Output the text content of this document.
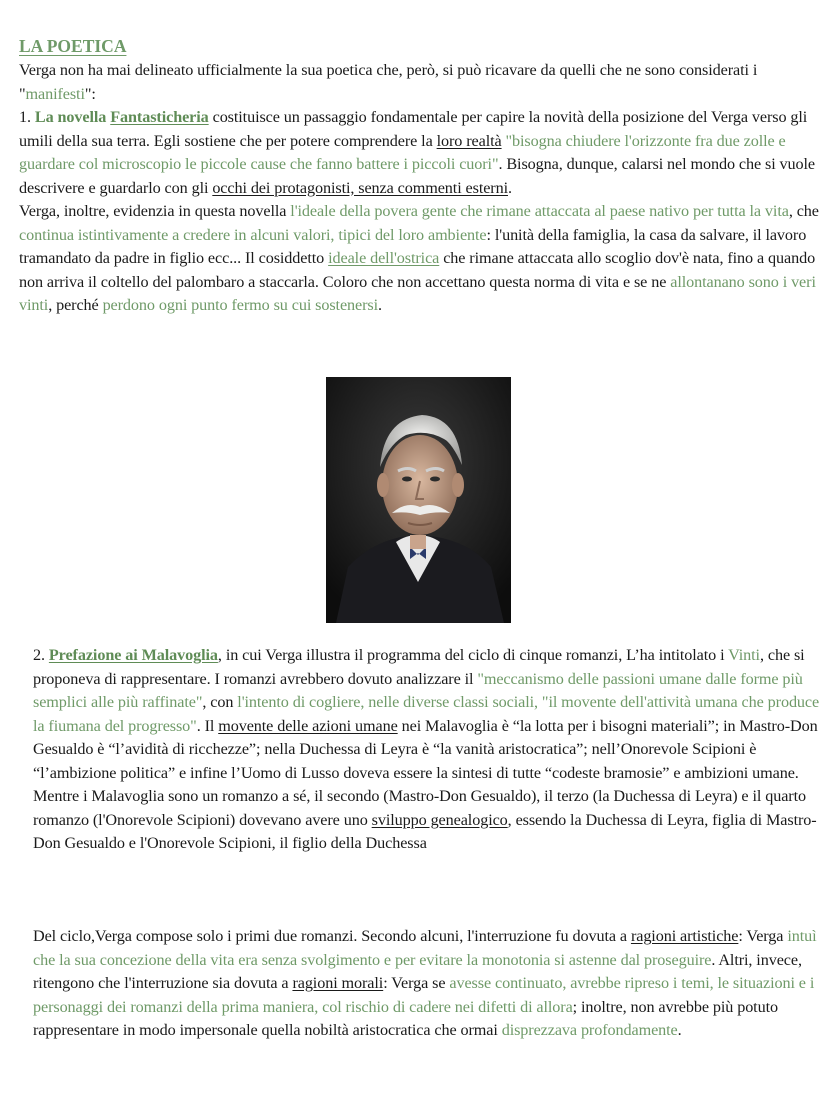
LA POETICA
Verga non ha mai delineato ufficialmente la sua poetica che, però, si può ricavare da quelli che ne sono considerati i "manifesti":
1. La novella Fantasticheria costituisce un passaggio fondamentale per capire la novità della posizione del Verga verso gli umili della sua terra. Egli sostiene che per potere comprendere la loro realtà "bisogna chiudere l'orizzonte fra due zolle e guardare col microscopio le piccole cause che fanno battere i piccoli cuori". Bisogna, dunque, calarsi nel mondo che si vuole descrivere e guardarlo con gli occhi dei protagonisti, senza commenti esterni.
Verga, inoltre, evidenzia in questa novella l'ideale della povera gente che rimane attaccata al paese nativo per tutta la vita, che continua istintivamente a credere in alcuni valori, tipici del loro ambiente: l'unità della famiglia, la casa da salvare, il lavoro tramandato da padre in figlio ecc... Il cosiddetto ideale dell'ostrica che rimane attaccata allo scoglio dov'è nata, fino a quando non arriva il coltello del palombaro a staccarla. Coloro che non accettano questa norma di vita e se ne allontanano sono i veri vinti, perché perdono ogni punto fermo su cui sostenersi.
2. Prefazione ai Malavoglia, in cui Verga illustra il programma del ciclo di cinque romanzi, L’ha intitolato i Vinti, che si proponeva di rappresentare. I romanzi avrebbero dovuto analizzare il "meccanismo delle passioni umane dalle forme più semplici alle più raffinate", con l'intento di cogliere, nelle diverse classi sociali, "il movente dell'attività umana che produce la fiumana del progresso". Il movente delle azioni umane nei Malavoglia è “la lotta per i bisogni materiali”; in Mastro-Don Gesualdo è “l’avidità di ricchezze”; nella Duchessa di Leyra è “la vanità aristocratica”; nell’Onorevole Scipioni è “l’ambizione politica” e infine l’Uomo di Lusso doveva essere la sintesi di tutte “codeste bramosie” e ambizioni umane. Mentre i Malavoglia sono un romanzo a sé, il secondo (Mastro-Don Gesualdo), il terzo (la Duchessa di Leyra) e il quarto romanzo (l'Onorevole Scipioni) dovevano avere uno sviluppo genealogico, essendo la Duchessa di Leyra, figlia di Mastro- Don Gesualdo e l'Onorevole Scipioni, il figlio della Duchessa
Del ciclo,Verga compose solo i primi due romanzi. Secondo alcuni, l'interruzione fu dovuta a ragioni artistiche: Verga intuì che la sua concezione della vita era senza svolgimento e per evitare la monotonia si astenne dal proseguire. Altri, invece, ritengono che l'interruzione sia dovuta a ragioni morali: Verga se avesse continuato, avrebbe ripreso i temi, le situazioni e i personaggi dei romanzi della prima maniera, col rischio di cadere nei difetti di allora; inoltre, non avrebbe più potuto rappresentare in modo impersonale quella nobiltà aristocratica che ormai disprezzava profondamente.
